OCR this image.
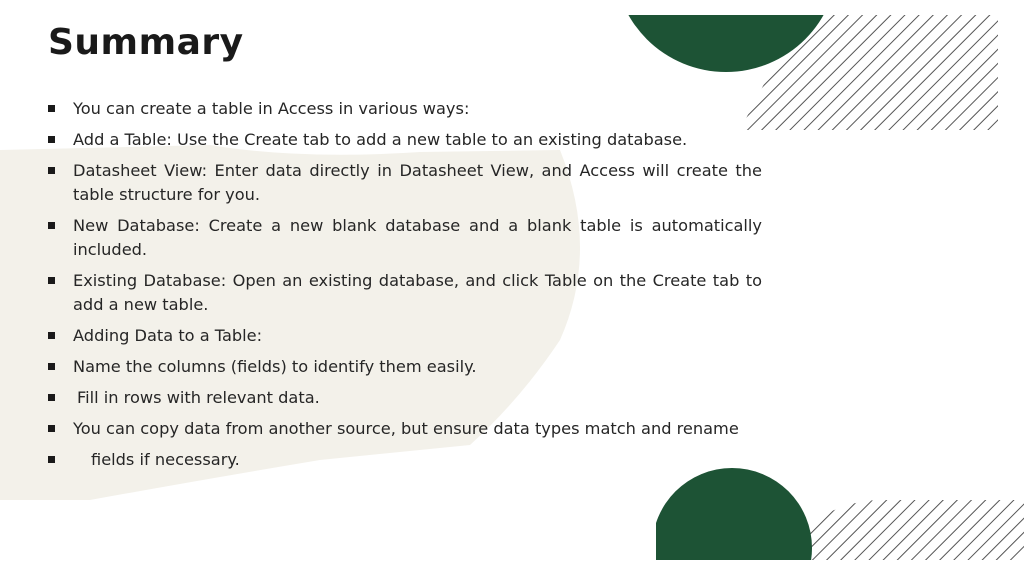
Summary
You can create a table in Access in various ways:
Add a Table: Use the Create tab to add a new table to an existing database.
Datasheet View: Enter data directly in Datasheet View, and Access will create the table structure for you.
New Database: Create a new blank database and a blank table is automatically included.
Existing Database: Open an existing database, and click Table on the Create tab to add a new table.
Adding Data to a Table:
Name the columns (fields) to identify them easily.
Fill in rows with relevant data.
You can copy data from another source, but ensure data types match and rename
fields if necessary.
